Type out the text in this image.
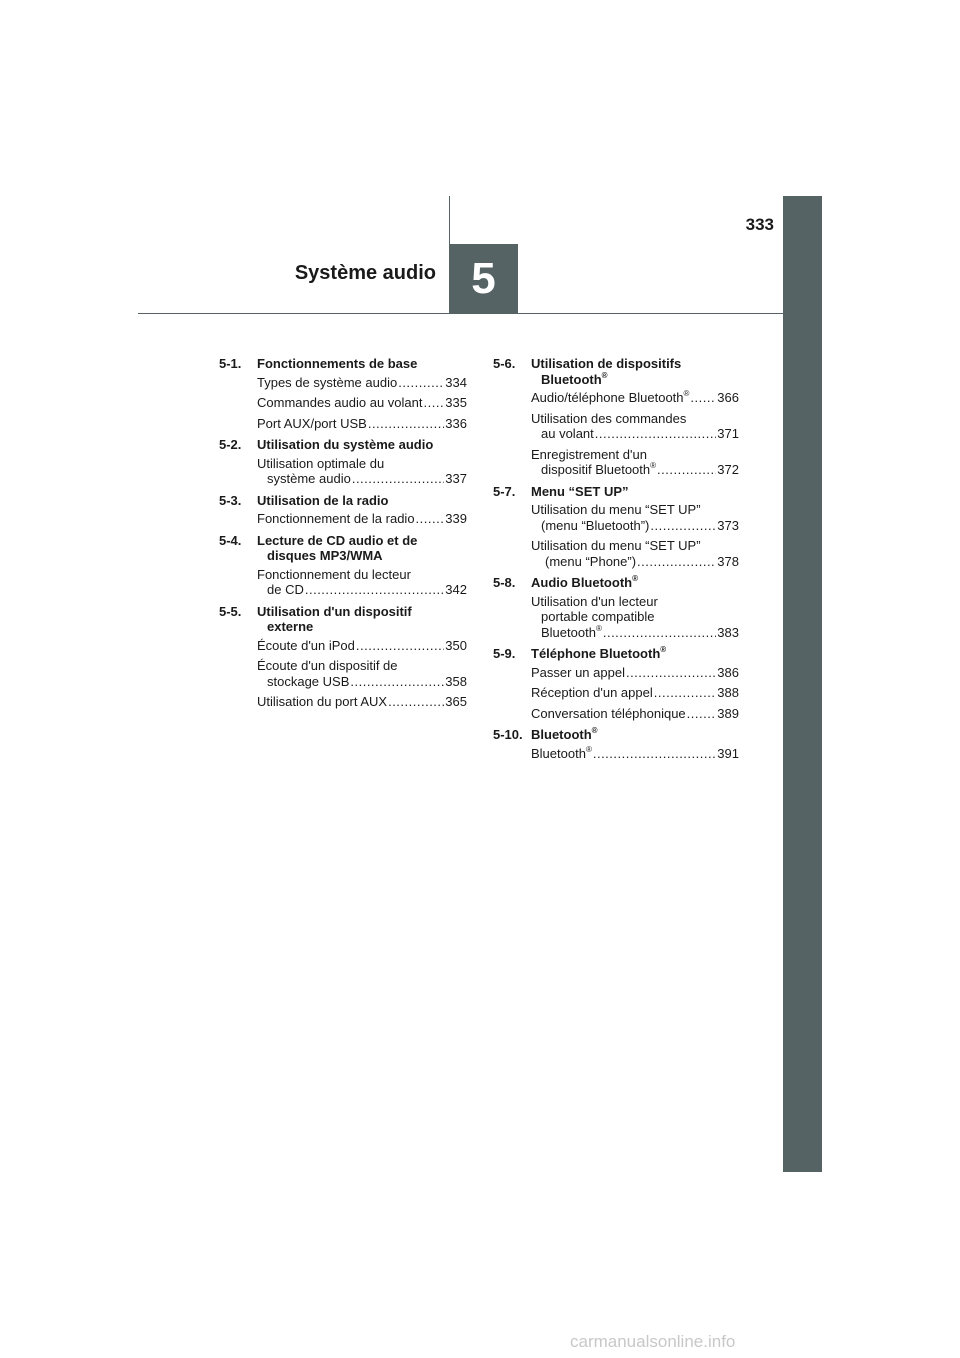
5
333
Système audio
5-1. Fonctionnements de base
Types de système audio .....	334
Commandes audio au volant ..... 335
Port AUX/port USB .....	336
5-2. Utilisation du système audio
Utilisation optimale du
système audio .....	337
5-3. Utilisation de la radio
Fonctionnement de la radio ..... 339
5-4. Lecture de CD audio et de
disques MP3/WMA
Fonctionnement du lecteur
de CD .....	342
5-5. Utilisation d'un dispositif
externe
Écoute d'un iPod .....	350
Écoute d'un dispositif de
stockage USB .....	358
Utilisation du port AUX .....	365
5-6. Utilisation de dispositifs
Bluetooth®
Audio/téléphone Bluetooth® ..... 366
Utilisation des commandes
au volant .....	371
Enregistrement d'un
dispositif Bluetooth® .....	372
5-7. Menu “SET UP”
Utilisation du menu “SET UP”
(menu “Bluetooth”) .....	373
Utilisation du menu “SET UP”
(menu “Phone”) .....	378
5-8. Audio Bluetooth®
Utilisation d'un lecteur
portable compatible
Bluetooth® .....	383
5-9. Téléphone Bluetooth®
Passer un appel .....	386
Réception d'un appel .....	388
Conversation téléphonique ..... 389
5-10. Bluetooth®
Bluetooth® .....	391
carmanualsonline.info
